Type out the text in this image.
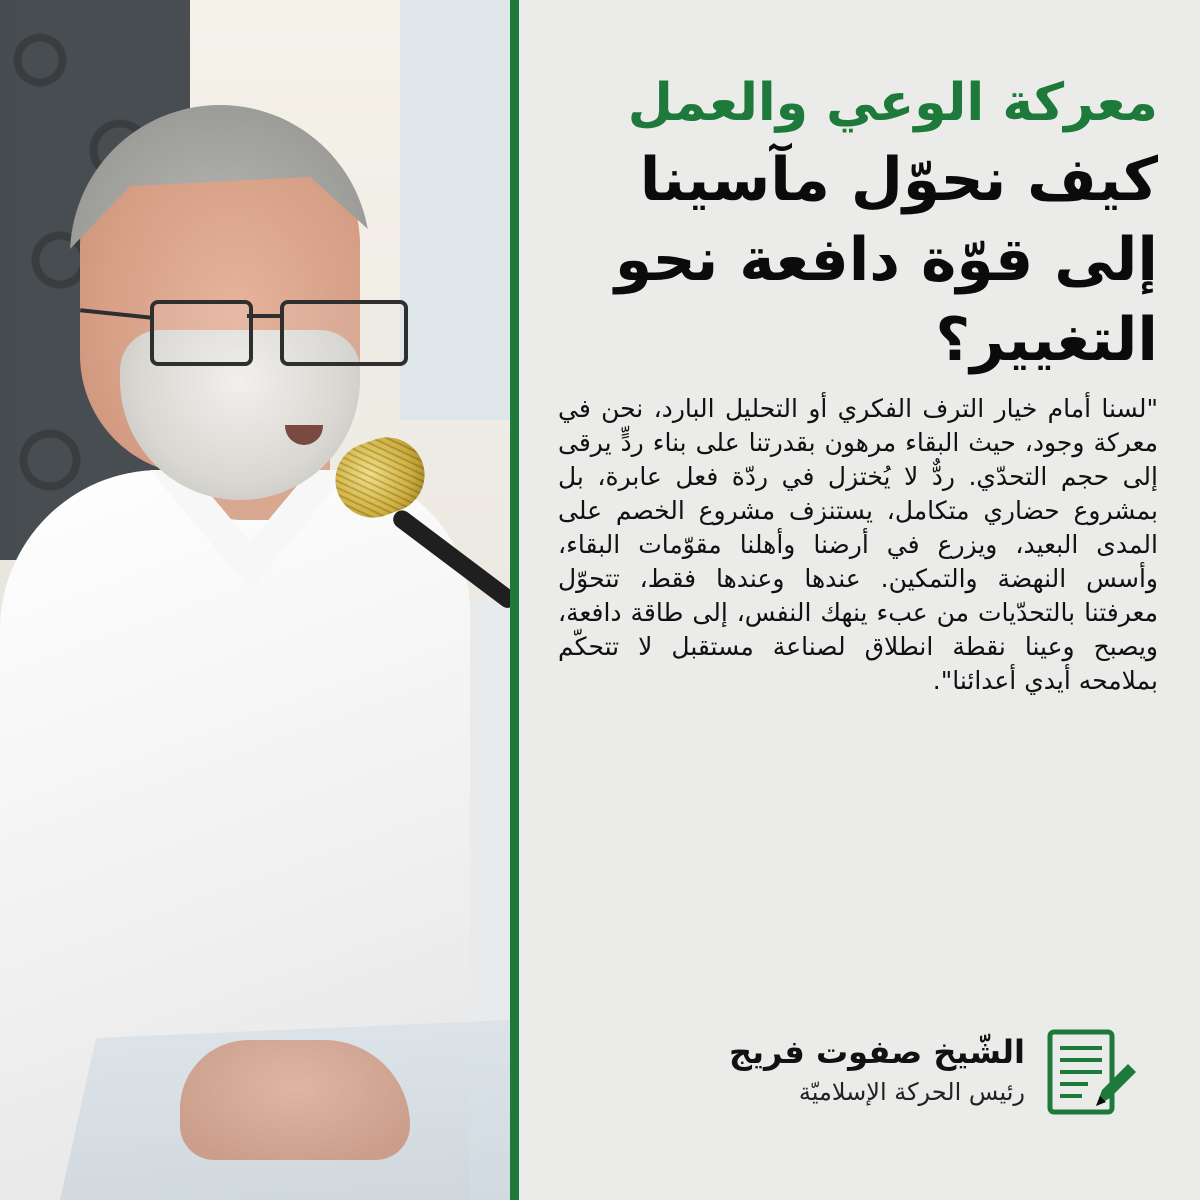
معركة الوعي والعمل
كيف نحوّل مآسينا إلى قوّة دافعة نحو التغيير؟

"لسنا أمام خيار الترف الفكري أو التحليل البارد، نحن في معركة وجود، حيث البقاء مرهون بقدرتنا على بناء ردٍّ يرقى إلى حجم التحدّي. ردٌّ لا يُختزل في ردّة فعل عابرة، بل بمشروع حضاري متكامل، يستنزف مشروع الخصم على المدى البعيد، ويزرع في أرضنا وأهلنا مقوّمات البقاء، وأسس النهضة والتمكين. عندها وعندها فقط، تتحوّل معرفتنا بالتحدّيات من عبء ينهك النفس، إلى طاقة دافعة، ويصبح وعينا نقطة انطلاق لصناعة مستقبل لا تتحكّم بملامحه أيدي أعدائنا".

الشّيخ صفوت فريج
رئيس الحركة الإسلاميّة
